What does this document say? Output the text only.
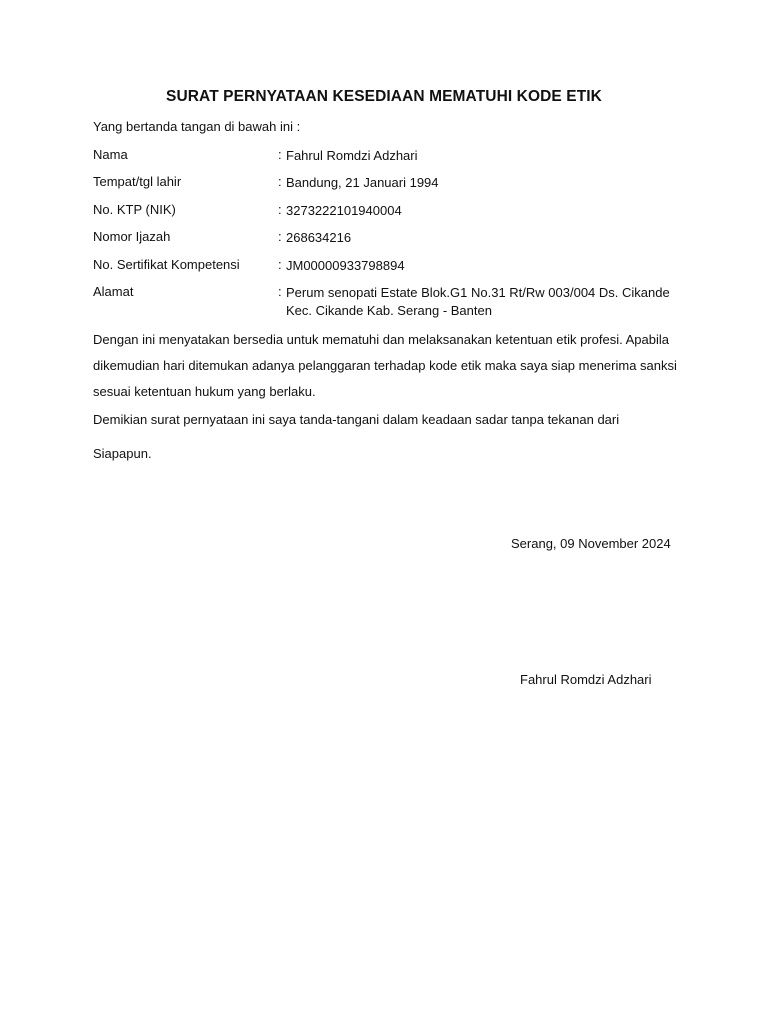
SURAT PERNYATAAN KESEDIAAN MEMATUHI KODE ETIK
Yang bertanda tangan di bawah ini :
Nama	: Fahrul Romdzi Adzhari
Tempat/tgl lahir	: Bandung, 21 Januari 1994
No. KTP (NIK)	: 3273222101940004
Nomor Ijazah	: 268634216
No. Sertifikat Kompetensi	: JM00000933798894
Alamat	: Perum senopati Estate Blok.G1 No.31 Rt/Rw 003/004 Ds. Cikande Kec. Cikande Kab. Serang - Banten
Dengan ini menyatakan bersedia untuk mematuhi dan melaksanakan ketentuan etik profesi. Apabila dikemudian hari ditemukan adanya pelanggaran terhadap kode etik maka saya siap menerima sanksi sesuai ketentuan hukum yang berlaku.
Demikian surat pernyataan ini saya tanda-tangani dalam keadaan sadar tanpa tekanan dari
Siapapun.
Serang, 09 November 2024
Fahrul Romdzi Adzhari
